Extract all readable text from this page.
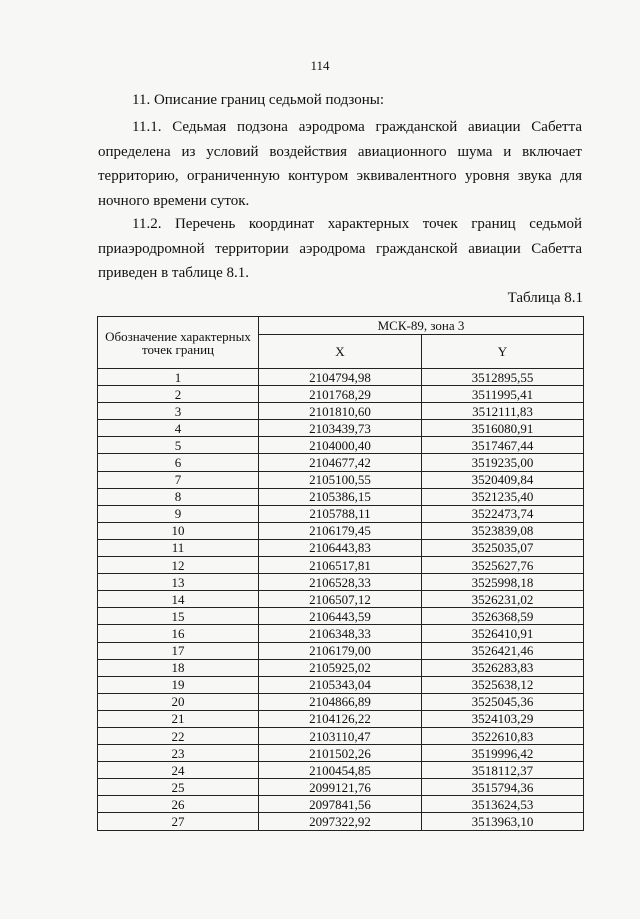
114
11. Описание границ седьмой подзоны:

11.1. Седьмая подзона аэродрома гражданской авиации Сабетта определена из условий воздействия авиационного шума и включает территорию, ограниченную контуром эквивалентного уровня звука для ночного времени суток.

11.2. Перечень координат характерных точек границ седьмой приаэродромной территории аэродрома гражданской авиации Сабетта приведен в таблице 8.1.

Таблица 8.1
Обозначение характерных точек границ	МСК-89, зона 3	
	X	Y
1	2104794,98	3512895,55
2	2101768,29	3511995,41
3	2101810,60	3512111,83
4	2103439,73	3516080,91
5	2104000,40	3517467,44
6	2104677,42	3519235,00
7	2105100,55	3520409,84
8	2105386,15	3521235,40
9	2105788,11	3522473,74
10	2106179,45	3523839,08
11	2106443,83	3525035,07
12	2106517,81	3525627,76
13	2106528,33	3525998,18
14	2106507,12	3526231,02
15	2106443,59	3526368,59
16	2106348,33	3526410,91
17	2106179,00	3526421,46
18	2105925,02	3526283,83
19	2105343,04	3525638,12
20	2104866,89	3525045,36
21	2104126,22	3524103,29
22	2103110,47	3522610,83
23	2101502,26	3519996,42
24	2100454,85	3518112,37
25	2099121,76	3515794,36
26	2097841,56	3513624,53
27	2097322,92	3513963,10
